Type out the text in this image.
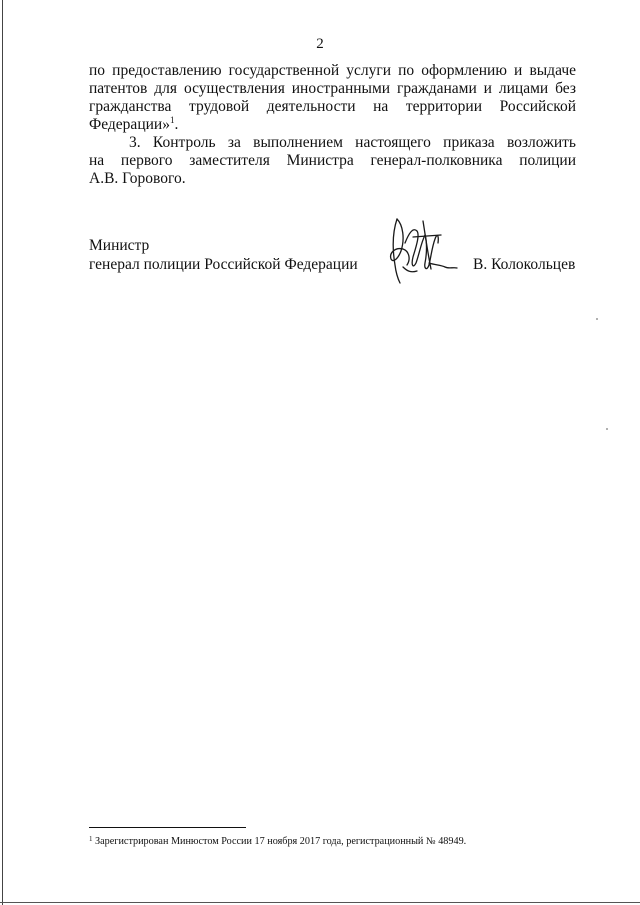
2
по предоставлению государственной услуги по оформлению и выдаче
патентов для осуществления иностранными гражданами и лицами без
гражданства трудовой деятельности на территории Российской
Федерации»$^1$.
3. Контроль за выполнением настоящего приказа возложить
на первого заместителя Министра генерал-полковника полиции
А.В. Горового.
Министр
генерал полиции Российской Федерации	В. Колокольцев
$^1$ Зарегистрирован Минюстом России 17 ноября 2017 года, регистрационный № 48949.
